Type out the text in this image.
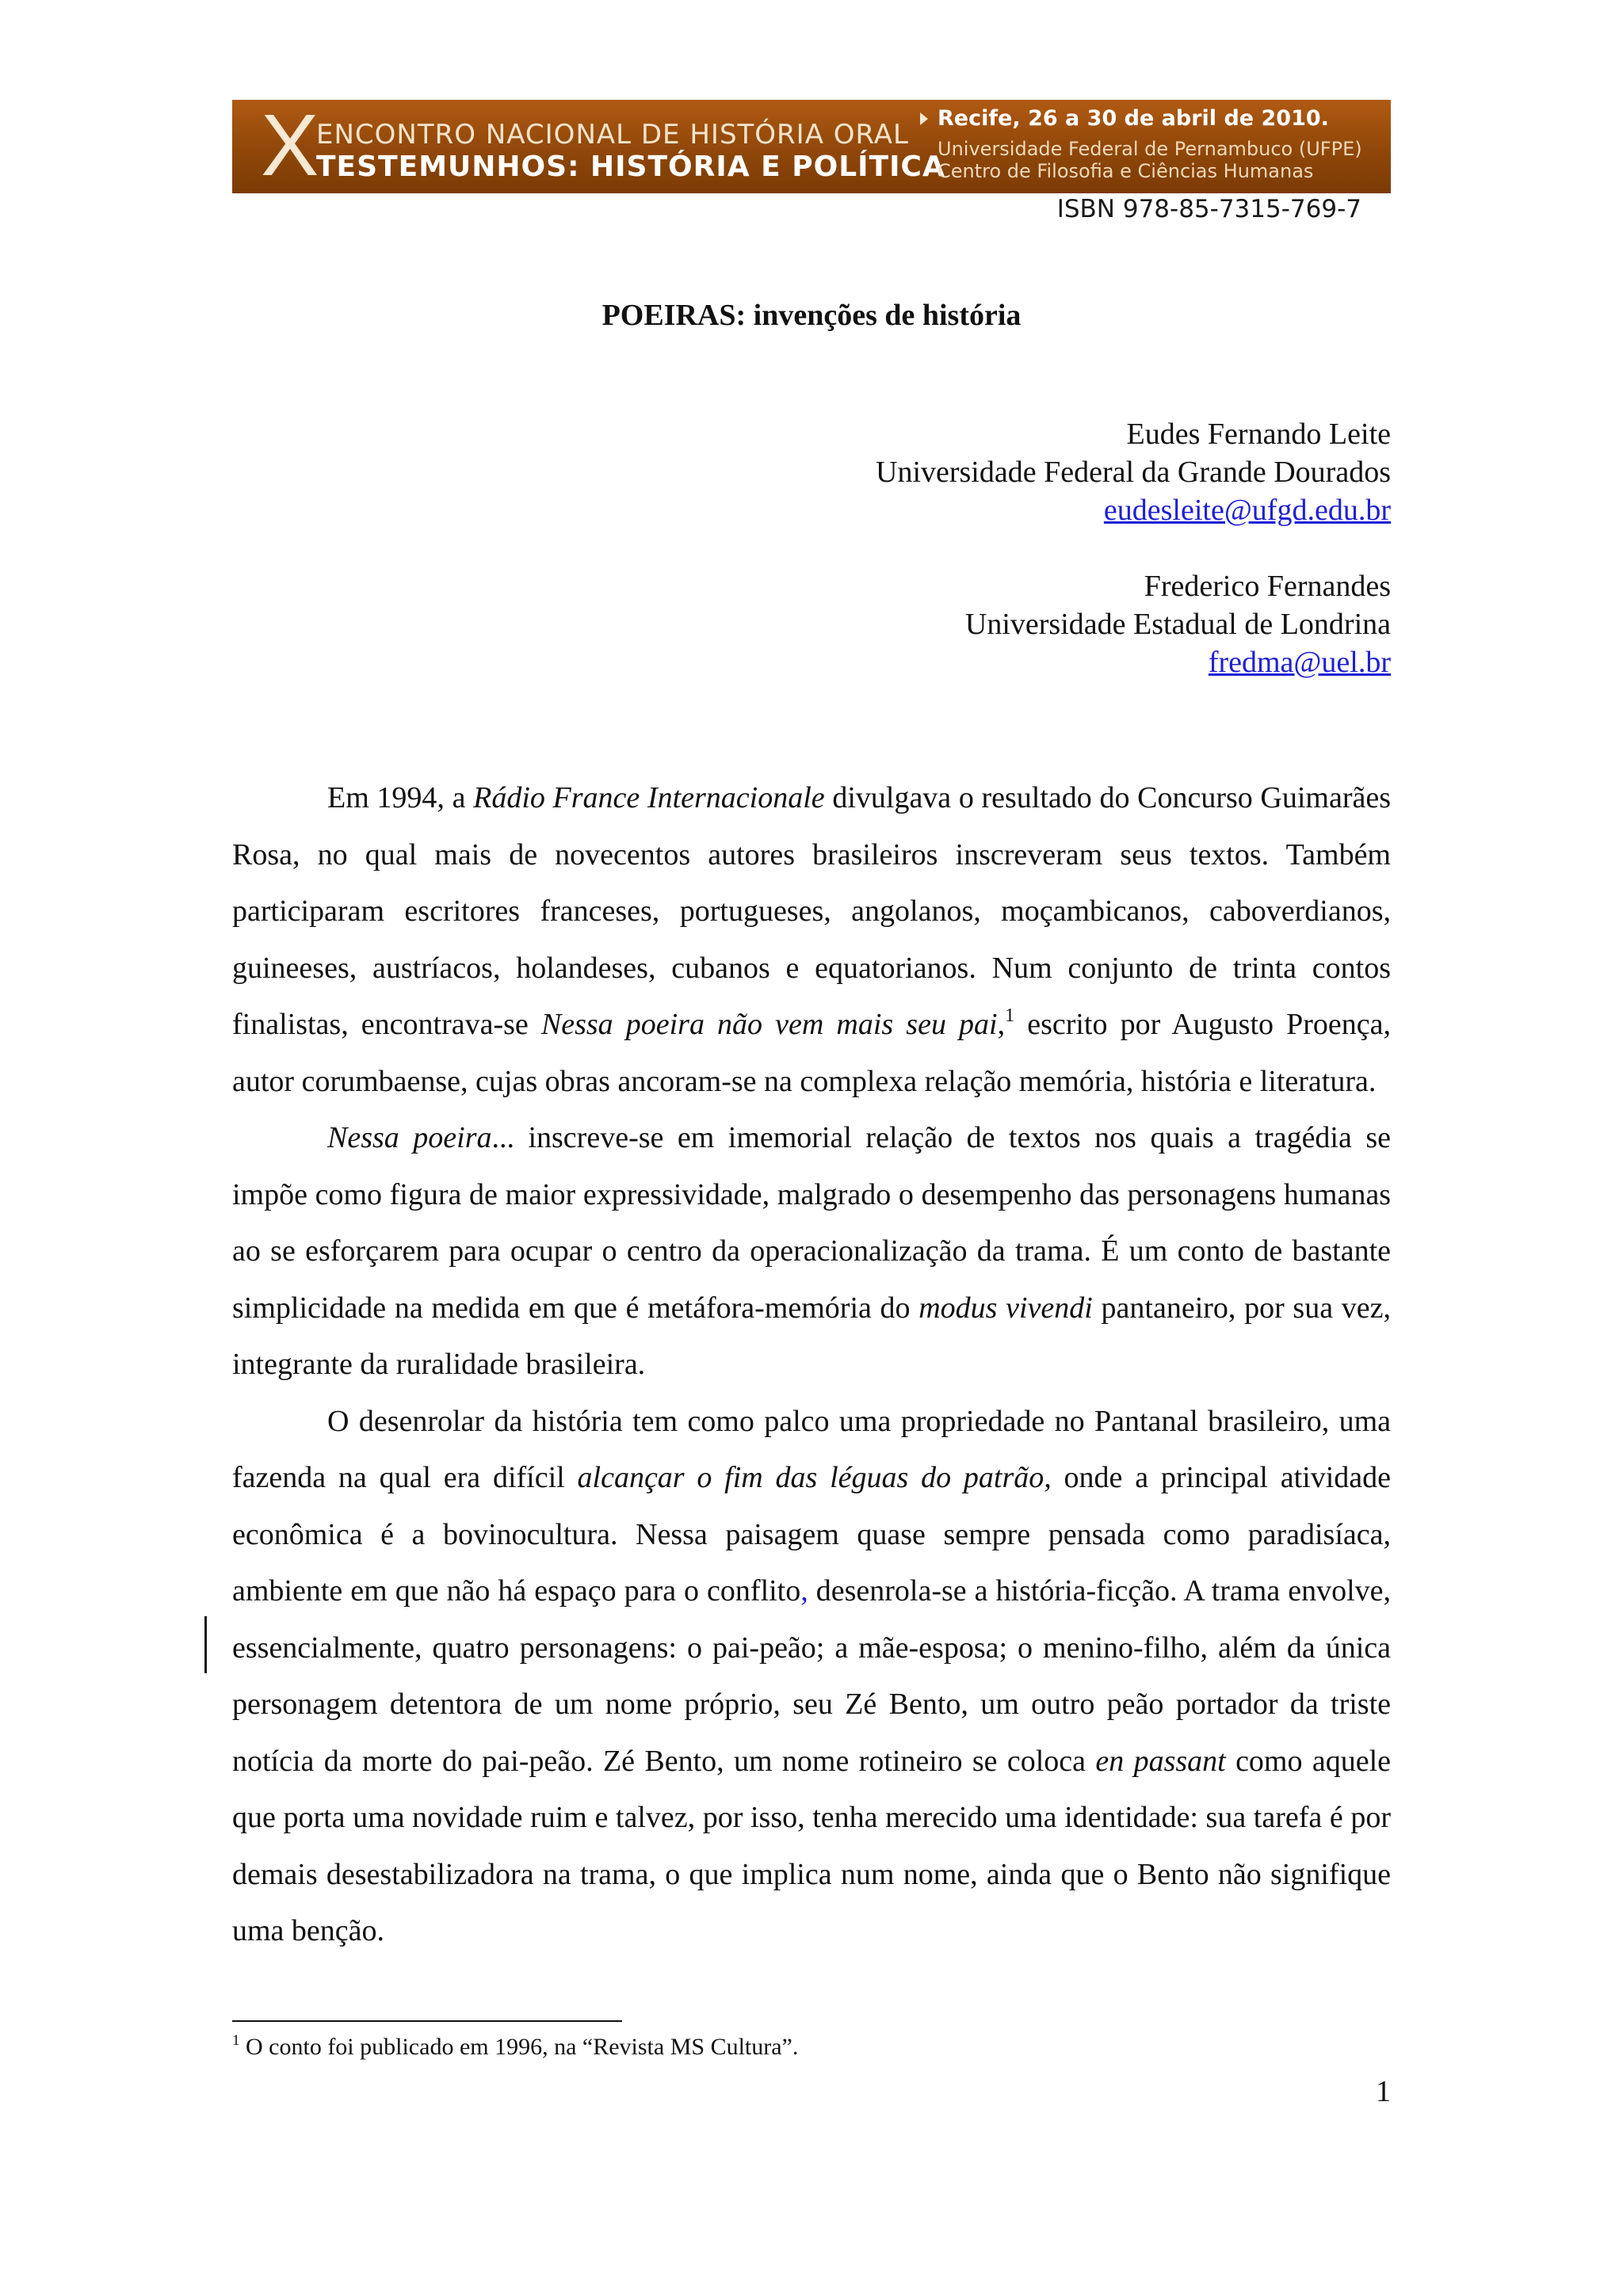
X
ENCONTRO NACIONAL DE HISTÓRIA ORAL
TESTEMUNHOS: HISTÓRIA E POLÍTICA
Recife, 26 a 30 de abril de 2010.
Universidade Federal de Pernambuco (UFPE)
Centro de Filosofia e Ciências Humanas
ISBN 978-85-7315-769-7
POEIRAS: invenções de história
Eudes Fernando Leite
Universidade Federal da Grande Dourados
eudesleite@ufgd.edu.br
Frederico Fernandes
Universidade Estadual de Londrina
fredma@uel.br

Em 1994, a Rádio France Internacionale divulgava o resultado do Concurso Guimarães Rosa, no qual mais de novecentos autores brasileiros inscreveram seus textos. Também participaram escritores franceses, portugueses, angolanos, moçambicanos, caboverdianos, guineeses, austríacos, holandeses, cubanos e equatorianos. Num conjunto de trinta contos finalistas, encontrava-se Nessa poeira não vem mais seu pai,$^1$ escrito por Augusto Proença, autor corumbaense, cujas obras ancoram-se na complexa relação memória, história e literatura.

Nessa poeira... inscreve-se em imemorial relação de textos nos quais a tragédia se impõe como figura de maior expressividade, malgrado o desempenho das personagens humanas ao se esforçarem para ocupar o centro da operacionalização da trama. É um conto de bastante simplicidade na medida em que é metáfora-memória do modus vivendi pantaneiro, por sua vez, integrante da ruralidade brasileira.

O desenrolar da história tem como palco uma propriedade no Pantanal brasileiro, uma fazenda na qual era difícil alcançar o fim das léguas do patrão, onde a principal atividade econômica é a bovinocultura. Nessa paisagem quase sempre pensada como paradisíaca, ambiente em que não há espaço para o conflito, desenrola-se a história-ficção. A trama envolve, essencialmente, quatro personagens: o pai-peão; a mãe-esposa; o menino-filho, além da única personagem detentora de um nome próprio, seu Zé Bento, um outro peão portador da triste notícia da morte do pai-peão. Zé Bento, um nome rotineiro se coloca en passant como aquele que porta uma novidade ruim e talvez, por isso, tenha merecido uma identidade: sua tarefa é por demais desestabilizadora na trama, o que implica num nome, ainda que o Bento não signifique uma benção.

$^1$ O conto foi publicado em 1996, na “Revista MS Cultura”.
1
